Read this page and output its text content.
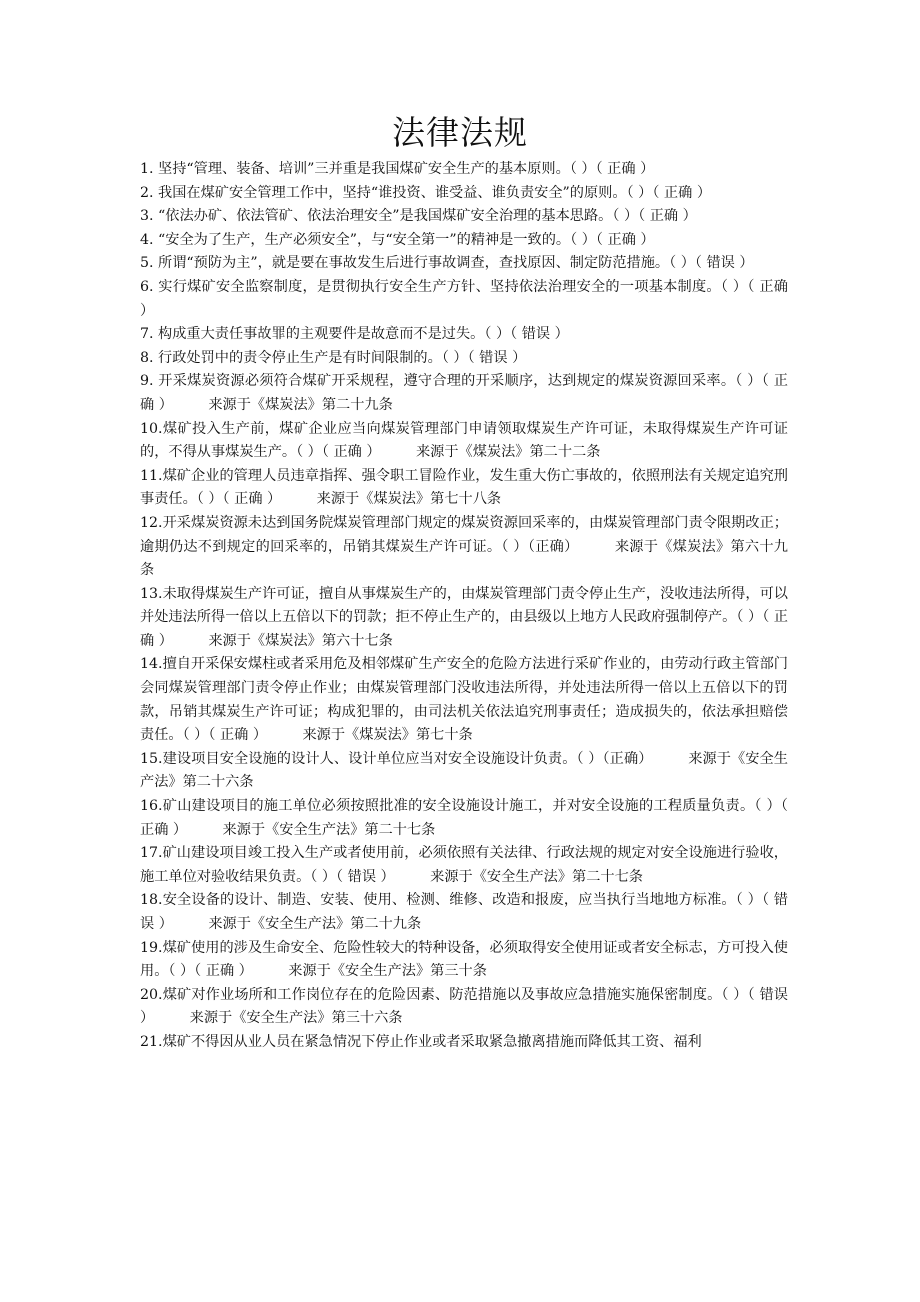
法律法规

1. 坚持“管理、装备、培训”三并重是我国煤矿安全生产的基本原则。（ ）（ 正确 ）

2. 我国在煤矿安全管理工作中，坚持“谁投资、谁受益、谁负责安全”的原则。（ ）（ 正确 ）

3. “依法办矿、依法管矿、依法治理安全”是我国煤矿安全治理的基本思路。（ ）（ 正确 ）

4. “安全为了生产，生产必须安全”，与“安全第一”的精神是一致的。（ ）（ 正确 ）

5. 所谓“预防为主”，就是要在事故发生后进行事故调查，查找原因、制定防范措施。（ ）（ 错误 ）

6. 实行煤矿安全监察制度，是贯彻执行安全生产方针、坚持依法治理安全的一项基本制度。（ ）（ 正确 ）

7. 构成重大责任事故罪的主观要件是故意而不是过失。（ ）（ 错误 ）

8. 行政处罚中的责令停止生产是有时间限制的。（ ）（ 错误 ）

9. 开采煤炭资源必须符合煤矿开采规程，遵守合理的开采顺序，达到规定的煤炭资源回采率。（ ）（ 正确 ）　　　来源于《煤炭法》第二十九条

10.煤矿投入生产前，煤矿企业应当向煤炭管理部门申请领取煤炭生产许可证，未取得煤炭生产许可证的，不得从事煤炭生产。（ ）（ 正确 ）　　　来源于《煤炭法》第二十二条

11.煤矿企业的管理人员违章指挥、强令职工冒险作业，发生重大伤亡事故的，依照刑法有关规定追究刑事责任。（ ）（ 正确 ）　　　来源于《煤炭法》第七十八条

12.开采煤炭资源未达到国务院煤炭管理部门规定的煤炭资源回采率的，由煤炭管理部门责令限期改正；逾期仍达不到规定的回采率的，吊销其煤炭生产许可证。（ ）（正确）　　　来源于《煤炭法》第六十九条

13.未取得煤炭生产许可证，擅自从事煤炭生产的，由煤炭管理部门责令停止生产，没收违法所得，可以并处违法所得一倍以上五倍以下的罚款；拒不停止生产的，由县级以上地方人民政府强制停产。（ ）（ 正确 ）　　　来源于《煤炭法》第六十七条

14.擅自开采保安煤柱或者采用危及相邻煤矿生产安全的危险方法进行采矿作业的，由劳动行政主管部门会同煤炭管理部门责令停止作业；由煤炭管理部门没收违法所得，并处违法所得一倍以上五倍以下的罚款，吊销其煤炭生产许可证；构成犯罪的，由司法机关依法追究刑事责任；造成损失的，依法承担赔偿责任。（ ）（ 正确 ）　　　来源于《煤炭法》第七十条

15.建设项目安全设施的设计人、设计单位应当对安全设施设计负责。（ ）（正确）　　　来源于《安全生产法》第二十六条

16.矿山建设项目的施工单位必须按照批准的安全设施设计施工，并对安全设施的工程质量负责。（ ）（ 正确 ）　　　来源于《安全生产法》第二十七条

17.矿山建设项目竣工投入生产或者使用前，必须依照有关法律、行政法规的规定对安全设施进行验收，施工单位对验收结果负责。（ ）（ 错误 ）　　　来源于《安全生产法》第二十七条

18.安全设备的设计、制造、安装、使用、检测、维修、改造和报废，应当执行当地地方标准。（ ）（ 错误 ）　　　来源于《安全生产法》第二十九条

19.煤矿使用的涉及生命安全、危险性较大的特种设备，必须取得安全使用证或者安全标志，方可投入使用。（ ）（ 正确 ）　　　来源于《安全生产法》第三十条

20.煤矿对作业场所和工作岗位存在的危险因素、防范措施以及事故应急措施实施保密制度。（ ）（ 错误 ）　　　来源于《安全生产法》第三十六条

21.煤矿不得因从业人员在紧急情况下停止作业或者采取紧急撤离措施而降低其工资、福利
